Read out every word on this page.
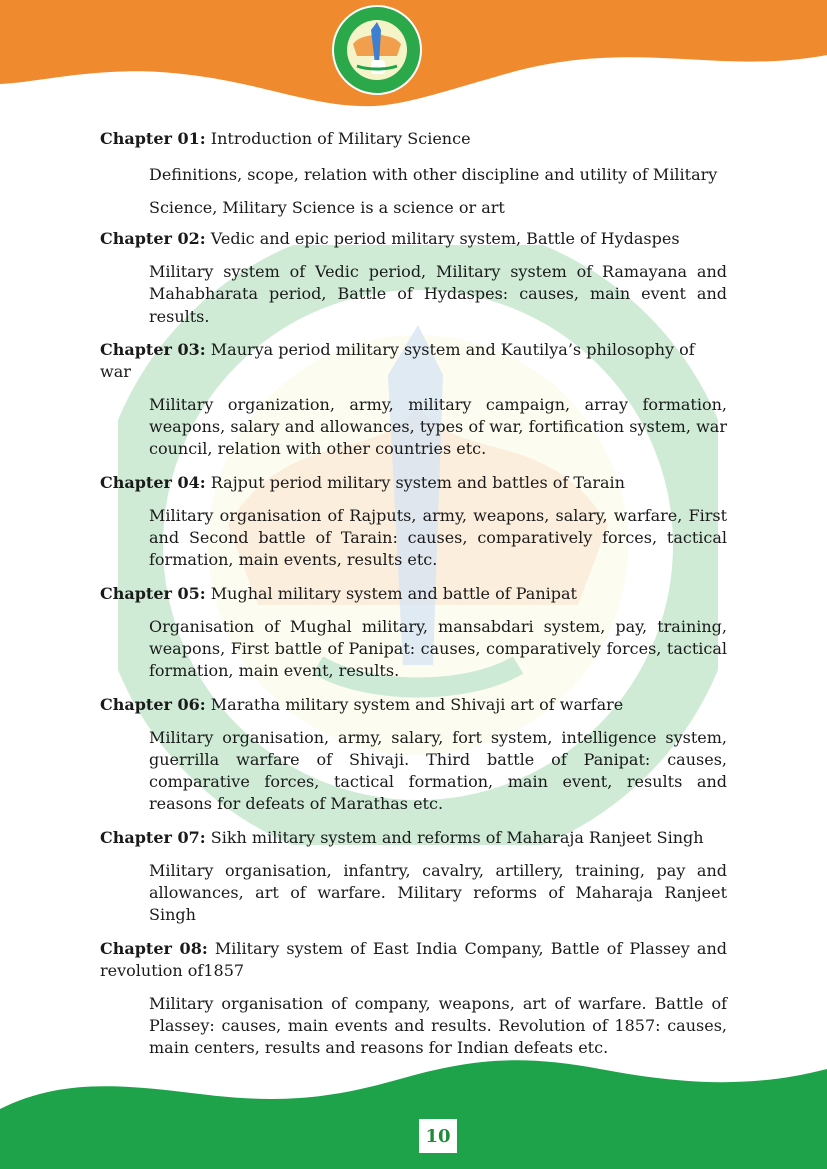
Chapter 01: Introduction of Military Science

Definitions, scope, relation with other discipline and utility of Military
Science, Military Science is a science or art

Chapter 02: Vedic and epic period military system, Battle of Hydaspes

Military system of Vedic period, Military system of Ramayana and Mahabharata period, Battle of Hydaspes: causes, main event and results.

Chapter 03: Maurya period military system and Kautilya’s philosophy of war

Military organization, army, military campaign, array formation, weapons, salary and allowances, types of war, fortification system, war council, relation with other countries etc.

Chapter 04: Rajput period military system and battles of Tarain

Military organisation of Rajputs, army, weapons, salary, warfare, First and Second battle of Tarain: causes, comparatively forces, tactical formation, main events, results etc.

Chapter 05: Mughal military system and battle of Panipat

Organisation of Mughal military, mansabdari system, pay, training, weapons, First battle of Panipat: causes, comparatively forces, tactical formation, main event, results.

Chapter 06: Maratha military system and Shivaji art of warfare

Military organisation, army, salary, fort system, intelligence system, guerrilla warfare of Shivaji. Third battle of Panipat: causes, comparative forces, tactical formation, main event, results and reasons for defeats of Marathas etc.

Chapter 07: Sikh military system and reforms of Maharaja Ranjeet Singh

Military organisation, infantry, cavalry, artillery, training, pay and allowances, art of warfare. Military reforms of Maharaja Ranjeet Singh

Chapter 08: Military system of East India Company, Battle of Plassey and revolution of1857

Military organisation of company, weapons, art of warfare. Battle of Plassey: causes, main events and results. Revolution of 1857: causes, main centers, results and reasons for Indian defeats etc.

10
